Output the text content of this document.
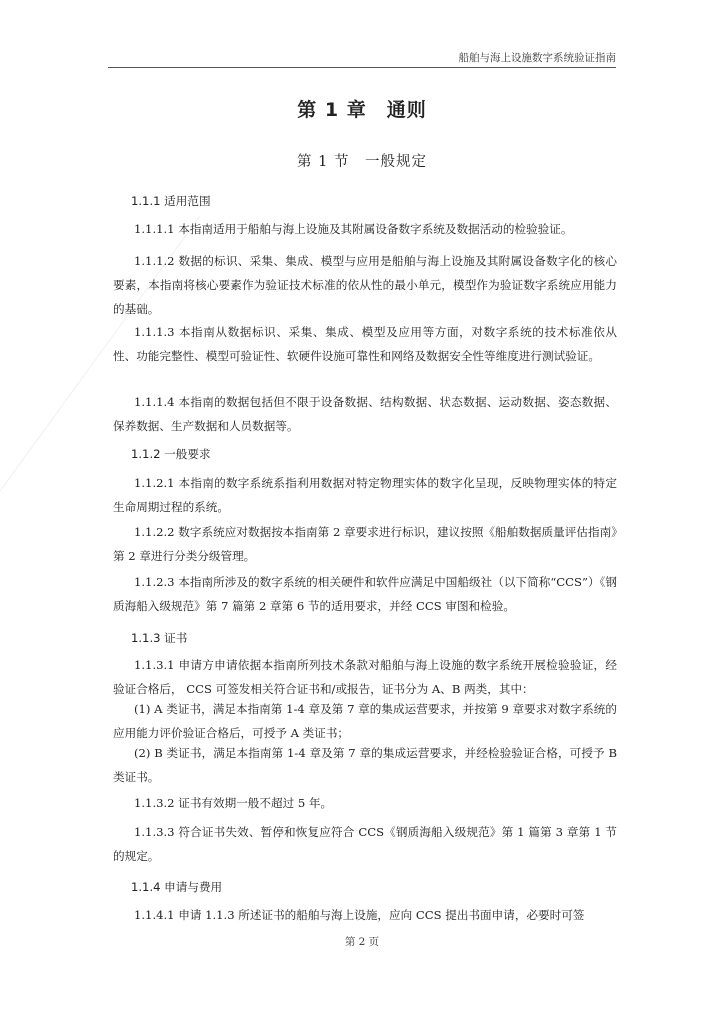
船舶与海上设施数字系统验证指南
第 1 章　通则
第 1 节　一般规定
1.1.1 适用范围
1.1.1.1 本指南适用于船舶与海上设施及其附属设备数字系统及数据活动的检验验证。
1.1.1.2 数据的标识、采集、集成、模型与应用是船舶与海上设施及其附属设备数字化的核心要素，本指南将核心要素作为验证技术标准的依从性的最小单元，模型作为验证数字系统应用能力的基础。
1.1.1.3 本指南从数据标识、采集、集成、模型及应用等方面，对数字系统的技术标准依从性、功能完整性、模型可验证性、软硬件设施可靠性和网络及数据安全性等维度进行测试验证。
1.1.1.4 本指南的数据包括但不限于设备数据、结构数据、状态数据、运动数据、姿态数据、保养数据、生产数据和人员数据等。
1.1.2 一般要求
1.1.2.1 本指南的数字系统系指利用数据对特定物理实体的数字化呈现，反映物理实体的特定生命周期过程的系统。
1.1.2.2 数字系统应对数据按本指南第 2 章要求进行标识，建议按照《船舶数据质量评估指南》第 2 章进行分类分级管理。
1.1.2.3 本指南所涉及的数字系统的相关硬件和软件应满足中国船级社（以下简称“CCS”）《钢质海船入级规范》第 7 篇第 2 章第 6 节的适用要求，并经 CCS 审图和检验。
1.1.3 证书
1.1.3.1 申请方申请依据本指南所列技术条款对船舶与海上设施的数字系统开展检验验证，经验证合格后， CCS 可签发相关符合证书和/或报告，证书分为 A、B 两类，其中：
(1) A 类证书，满足本指南第 1-4 章及第 7 章的集成运营要求，并按第 9 章要求对数字系统的应用能力评价验证合格后，可授予 A 类证书；
(2) B 类证书，满足本指南第 1-4 章及第 7 章的集成运营要求，并经检验验证合格，可授予 B 类证书。
1.1.3.2 证书有效期一般不超过 5 年。
1.1.3.3 符合证书失效、暂停和恢复应符合 CCS《钢质海船入级规范》第 1 篇第 3 章第 1 节的规定。
1.1.4 申请与费用
1.1.4.1 申请 1.1.3 所述证书的船舶与海上设施，应向 CCS 提出书面申请，必要时可签
第 2 页
